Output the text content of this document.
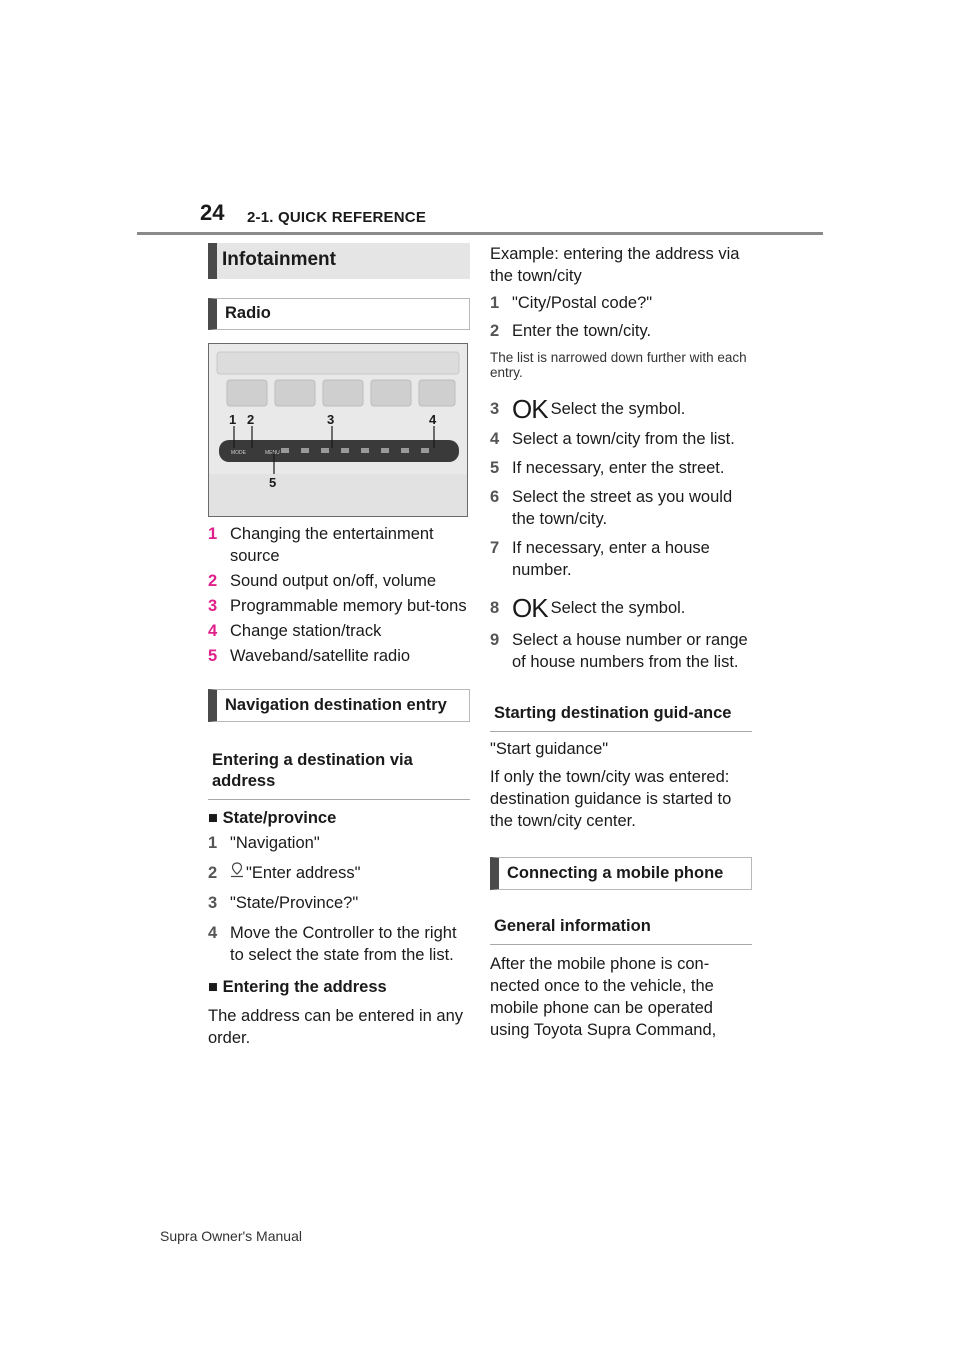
24 2-1. QUICK REFERENCE
Infotainment
Radio
MODE	MENU
1 2	3	4
5
1 Changing the entertainment source
2 Sound output on/off, volume
3 Programmable memory but-tons
4 Change station/track
5 Waveband/satellite radio
Navigation destination entry
Entering a destination via address
■ State/province
1 "Navigation"
2	"Enter address"
3 "State/Province?"
4 Move the Controller to the right to select the state from the list.
■ Entering the address
The address can be entered in any order.
Example: entering the address via the town/city
1 "City/Postal code?"
2 Enter the town/city.
The list is narrowed down further with each entry.
3 OK Select the symbol.
4 Select a town/city from the list.
5 If necessary, enter the street.
6 Select the street as you would the town/city.
7 If necessary, enter a house number.
8 OK Select the symbol.
9 Select a house number or range of house numbers from the list.
Starting destination guid-ance
"Start guidance"
If only the town/city was entered: destination guidance is started to the town/city center.
Connecting a mobile phone
General information
After the mobile phone is con-nected once to the vehicle, the mobile phone can be operated using Toyota Supra Command,
Supra Owner's Manual
